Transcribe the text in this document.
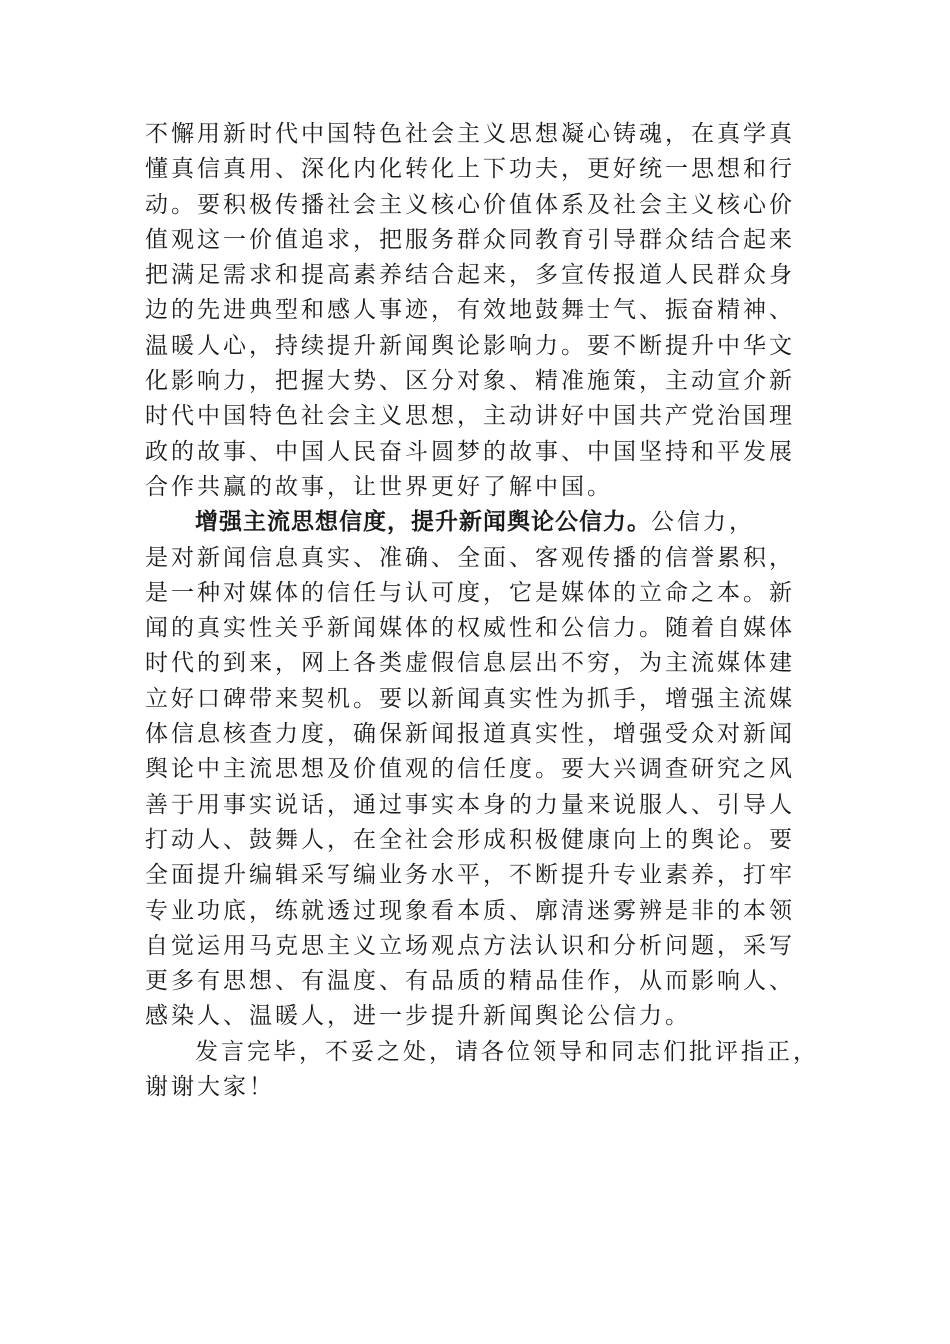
不懈用新时代中国特色社会主义思想凝心铸魂，在真学真
懂真信真用、深化内化转化上下功夫，更好统一思想和行
动。要积极传播社会主义核心价值体系及社会主义核心价
值观这一价值追求，把服务群众同教育引导群众结合起来
把满足需求和提高素养结合起来，多宣传报道人民群众身
边的先进典型和感人事迹，有效地鼓舞士气、振奋精神、
温暖人心，持续提升新闻舆论影响力。要不断提升中华文
化影响力，把握大势、区分对象、精准施策，主动宣介新
时代中国特色社会主义思想，主动讲好中国共产党治国理
政的故事、中国人民奋斗圆梦的故事、中国坚持和平发展
合作共赢的故事，让世界更好了解中国。
增强主流思想信度，提升新闻舆论公信力。公信力，
是对新闻信息真实、准确、全面、客观传播的信誉累积，
是一种对媒体的信任与认可度，它是媒体的立命之本。新
闻的真实性关乎新闻媒体的权威性和公信力。随着自媒体
时代的到来，网上各类虚假信息层出不穷，为主流媒体建
立好口碑带来契机。要以新闻真实性为抓手，增强主流媒
体信息核查力度，确保新闻报道真实性，增强受众对新闻
舆论中主流思想及价值观的信任度。要大兴调查研究之风
善于用事实说话，通过事实本身的力量来说服人、引导人
打动人、鼓舞人，在全社会形成积极健康向上的舆论。要
全面提升编辑采写编业务水平，不断提升专业素养，打牢
专业功底，练就透过现象看本质、廓清迷雾辨是非的本领
自觉运用马克思主义立场观点方法认识和分析问题，采写
更多有思想、有温度、有品质的精品佳作，从而影响人、
感染人、温暖人，进一步提升新闻舆论公信力。
发言完毕，不妥之处，请各位领导和同志们批评指正，
谢谢大家！
